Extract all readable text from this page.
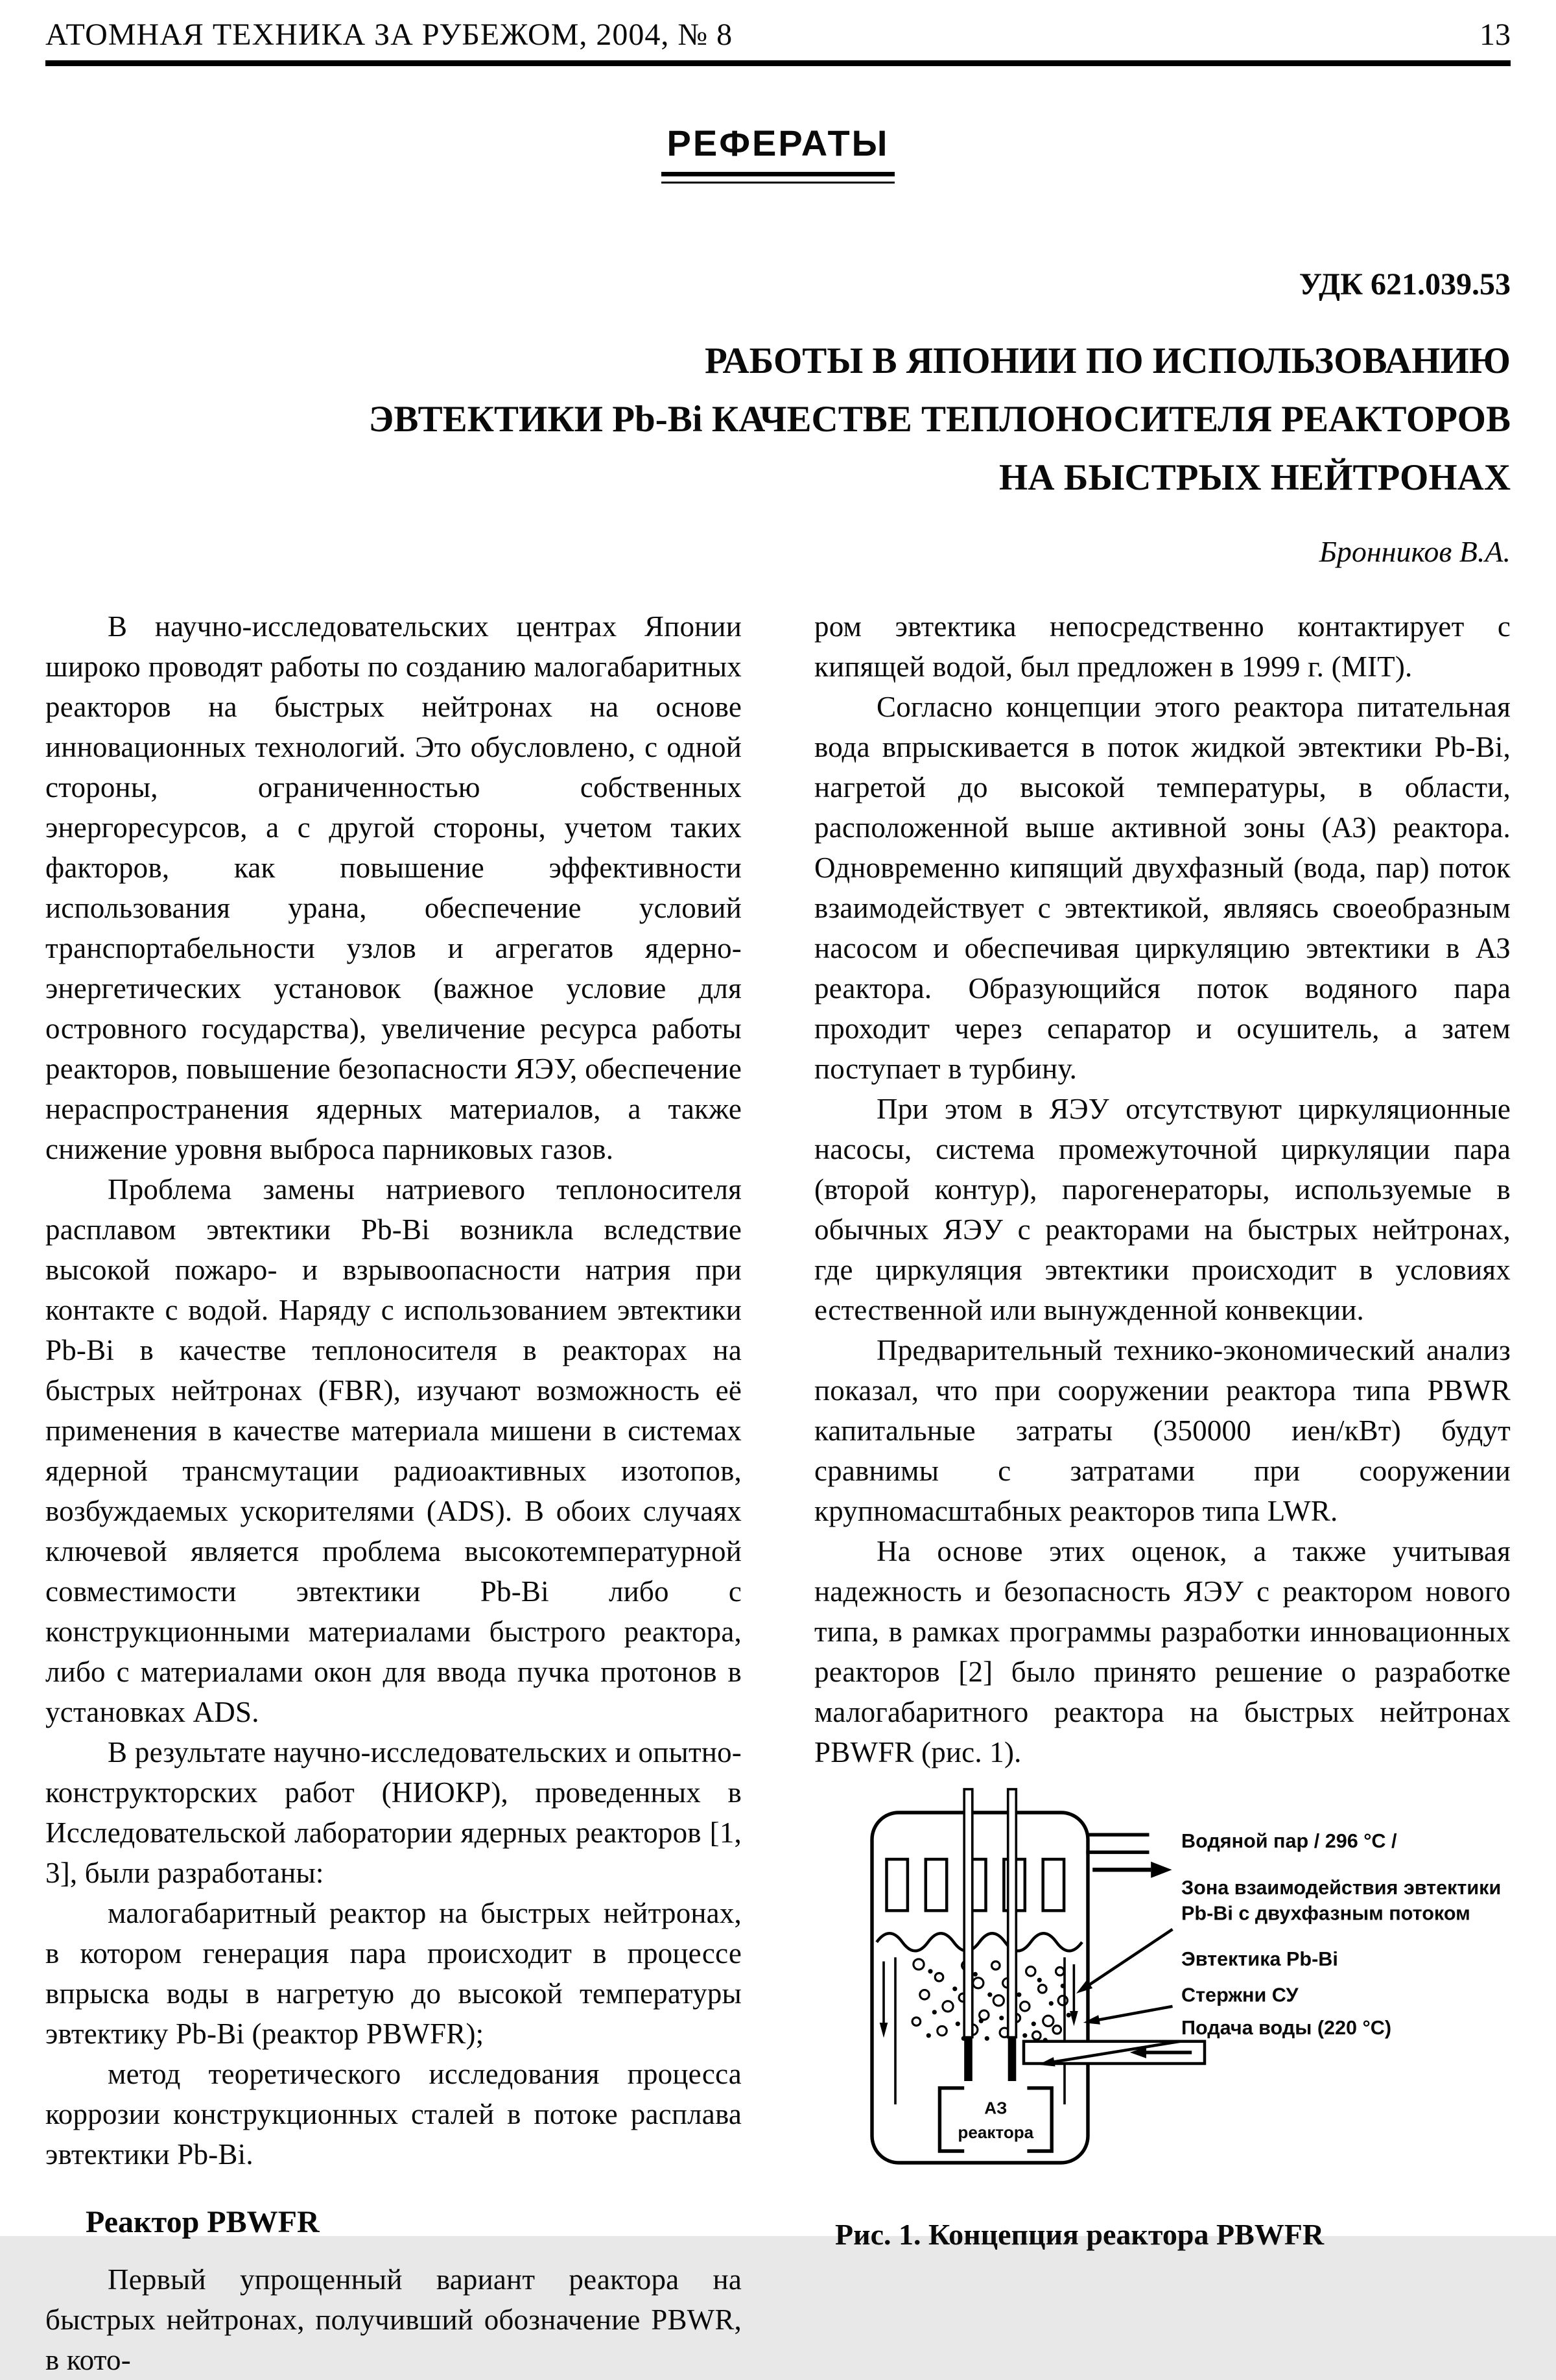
АТОМНАЯ ТЕХНИКА ЗА РУБЕЖОМ, 2004, № 8	13
РЕФЕРАТЫ
УДК 621.039.53
РАБОТЫ В ЯПОНИИ ПО ИСПОЛЬЗОВАНИЮ
ЭВТЕКТИКИ Pb-Bi КАЧЕСТВЕ ТЕПЛОНОСИТЕЛЯ РЕАКТОРОВ
НА БЫСТРЫХ НЕЙТРОНАХ
Бронников В.А.

В научно-исследовательских центрах Японии широко проводят работы по созданию малогабаритных реакторов на быстрых нейтронах на основе инновационных технологий. Это обусловлено, с одной стороны, ограниченностью собственных энергоресурсов, а с другой стороны, учетом таких факторов, как повышение эффективности использования урана, обеспечение условий транспортабельности узлов и агрегатов ядерно-энергетических установок (важное условие для островного государства), увеличение ресурса работы реакторов, повышение безопасности ЯЭУ, обеспечение нераспространения ядерных материалов, а также снижение уровня выброса парниковых газов.

Проблема замены натриевого теплоносителя расплавом эвтектики Pb-Bi возникла вследствие высокой пожаро- и взрывоопасности натрия при контакте с водой. Наряду с использованием эвтектики Pb-Bi в качестве теплоносителя в реакторах на быстрых нейтронах (FBR), изучают возможность её применения в качестве материала мишени в системах ядерной трансмутации радиоактивных изотопов, возбуждаемых ускорителями (ADS). В обоих случаях ключевой является проблема высокотемпературной совместимости эвтектики Pb-Bi либо с конструкционными материалами быстрого реактора, либо с материалами окон для ввода пучка протонов в установках ADS.

В результате научно-исследовательских и опытно-конструкторских работ (НИОКР), проведенных в Исследовательской лаборатории ядерных реакторов [1, 3], были разработаны:

малогабаритный реактор на быстрых нейтронах, в котором генерация пара происходит в процессе впрыска воды в нагретую до высокой температуры эвтектику Pb-Bi (реактор PBWFR);

метод теоретического исследования процесса коррозии конструкционных сталей в потоке расплава эвтектики Pb-Bi.

Реактор PBWFR

Первый упрощенный вариант реактора на быстрых нейтронах, получивший обозначение PBWR, в кото-

ром эвтектика непосредственно контактирует с кипящей водой, был предложен в 1999 г. (MIT).

Согласно концепции этого реактора питательная вода впрыскивается в поток жидкой эвтектики Pb-Bi, нагретой до высокой температуры, в области, расположенной выше активной зоны (АЗ) реактора. Одновременно кипящий двухфазный (вода, пар) поток взаимодействует с эвтектикой, являясь своеобразным насосом и обеспечивая циркуляцию эвтектики в АЗ реактора. Образующийся поток водяного пара проходит через сепаратор и осушитель, а затем поступает в турбину.

При этом в ЯЭУ отсутствуют циркуляционные насосы, система промежуточной циркуляции пара (второй контур), парогенераторы, используемые в обычных ЯЭУ с реакторами на быстрых нейтронах, где циркуляция эвтектики происходит в условиях естественной или вынужденной конвекции.

Предварительный технико-экономический анализ показал, что при сооружении реактора типа PBWR капитальные затраты (350000 иен/кВт) будут сравнимы с затратами при сооружении крупномасштабных реакторов типа LWR.

На основе этих оценок, а также учитывая надежность и безопасность ЯЭУ с реактором нового типа, в рамках программы разработки инновационных реакторов [2] было принято решение о разработке малогабаритного реактора на быстрых нейтронах PBWFR (рис. 1).

АЗ
реактора
Водяной пар / 296 °С /
Зона взаимодействия эвтектики
Pb-Bi с двухфазным потоком
Эвтектика Pb-Bi
Стержни СУ
Подача воды (220 °С)
Рис. 1. Концепция реактора PBWFR
